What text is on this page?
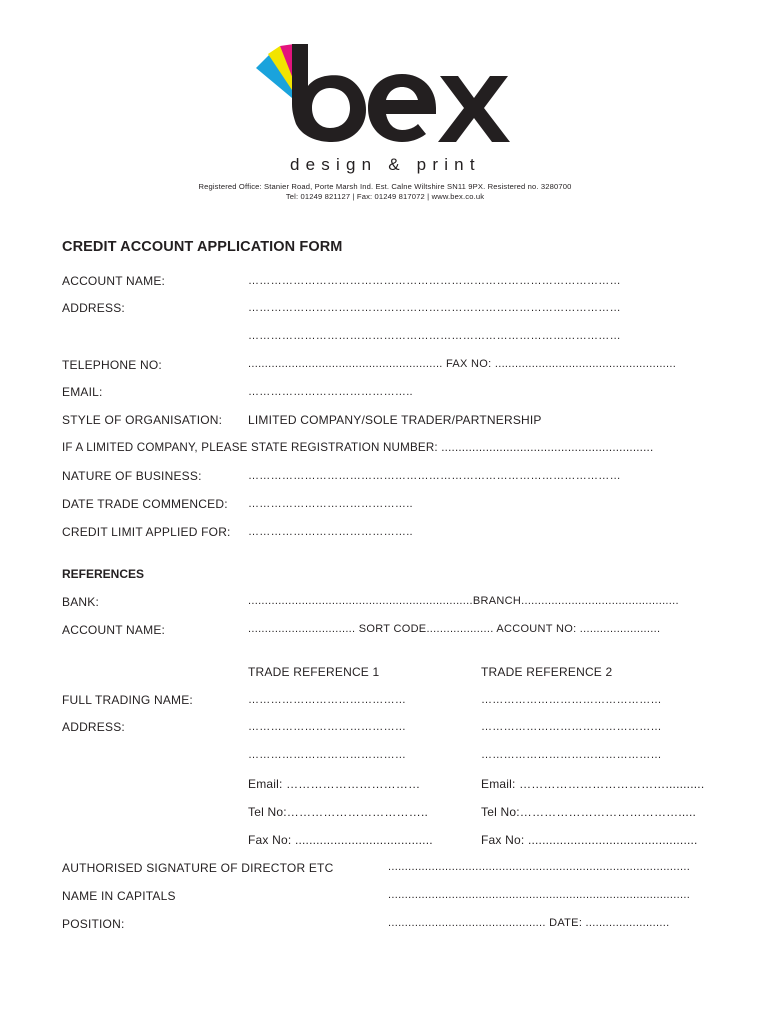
design & print
Registered Office: Stanier Road, Porte Marsh Ind. Est. Calne Wiltshire SN11 9PX. Resistered no. 3280700
Tel: 01249 821127 | Fax: 01249 817072 | www.bex.co.uk
CREDIT ACCOUNT APPLICATION FORM
ACCOUNT NAME:	………………………………………………………………………………………
ADDRESS:	………………………………………………………………………………………
………………………………………………………………………………………
TELEPHONE NO:	.......................................................... FAX NO: ......................................................
EMAIL:	……………………………………..
STYLE OF ORGANISATION: LIMITED COMPANY/SOLE TRADER/PARTNERSHIP
IF A LIMITED COMPANY, PLEASE STATE REGISTRATION NUMBER: ..............................................................
NATURE OF BUSINESS:	………………………………………………………………………………………
DATE TRADE COMMENCED: ……………………………………..
CREDIT LIMIT APPLIED FOR: ……………………………………..
REFERENCES
BANK:	...................................................................BRANCH...............................................
ACCOUNT NAME:	................................ SORT CODE.................... ACCOUNT NO: ........................
TRADE REFERENCE 1	TRADE REFERENCE 2
FULL TRADING NAME:	……………………………………	…………………………………………
ADDRESS:	……………………………………	…………………………………………
……………………………………	…………………………………………
Email: ……………………………	Email: ………………………………...........
Tel No:……………………………..	Tel No:………………………………….....
Fax No: .......................................	Fax No: ................................................
AUTHORISED SIGNATURE OF DIRECTOR ETC	..........................................................................................
NAME IN CAPITALS	..........................................................................................
POSITION:	............................................... DATE: .........................
